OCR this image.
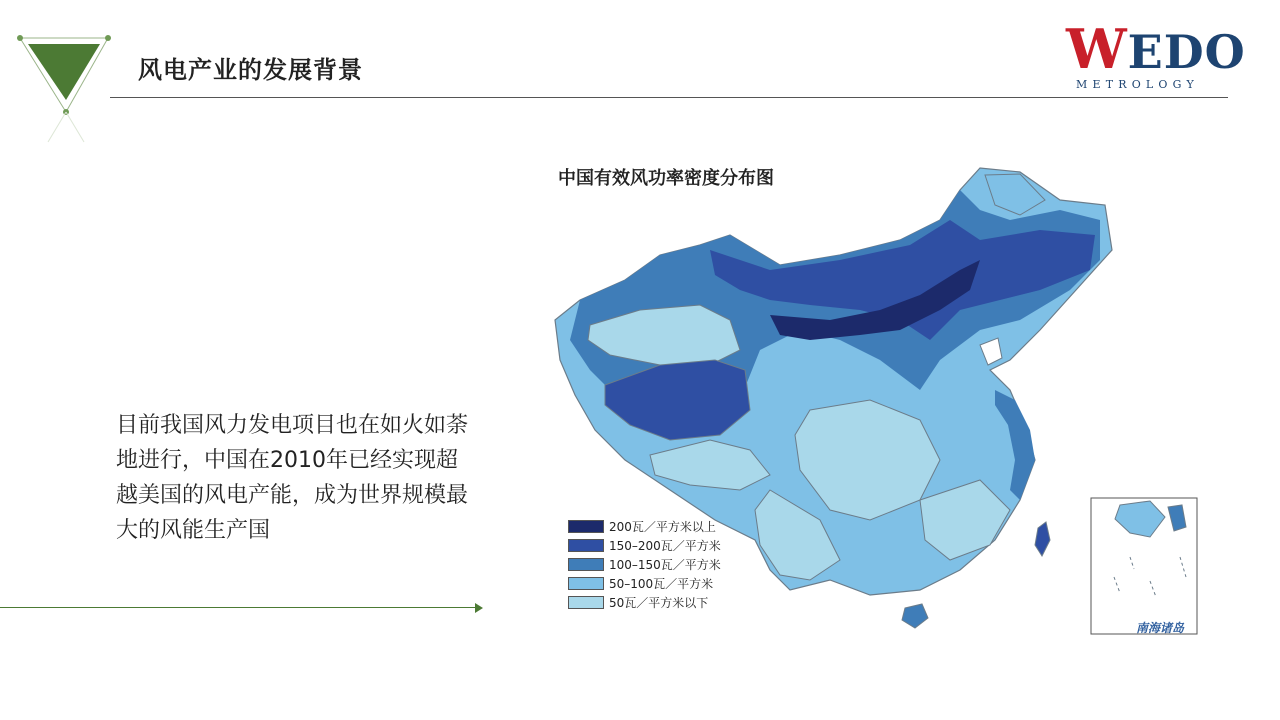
风电产业的发展背景	WEDO
METROLOGY
目前我国风力发电项目也在如火如荼地进行，中国在2010年已经实现超越美国的风电产能，成为世界规模最大的风能生产国
中国有效风功率密度分布图
200瓦／平方米以上
150–200瓦／平方米
100–150瓦／平方米
50–100瓦／平方米
50瓦／平方米以下
南海诸岛
